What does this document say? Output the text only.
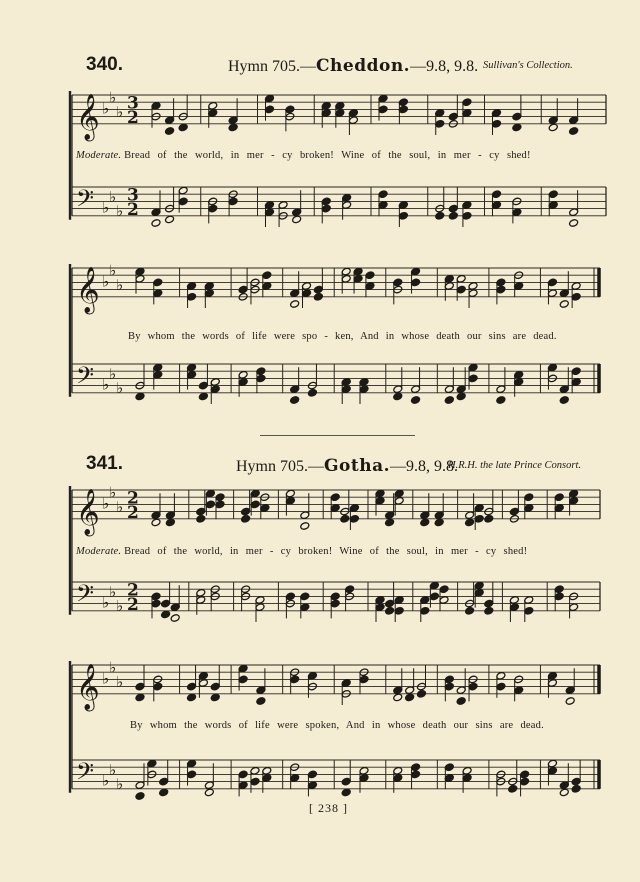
340.	Hymn 705.—Cheddon.—9.8, 9.8. Sullivan's Collection.
𝄞 ♭
♭
♭ 3
2
𝄢 ♭
♭
♭
3
2
𝄞 ♭
♭
♭
𝄢 ♭
♭
♭
Moderate. Bread of the world, in mer - cy broken! Wine of the soul, in mer - cy shed!
By whom the words of life were spo - ken, And in whose death our sins are dead.
341.	Hymn 705.—Gotha.—9.8, 9.8.
H.R.H. the late Prince Consort.
𝄞 ♭
♭
♭ 2
2
𝄢 ♭
♭
♭
2
2
𝄞 ♭
♭
♭
𝄢 ♭
♭
♭
Moderate. Bread of the world, in mer - cy broken! Wine of the soul, in mer - cy shed!
By whom the words of life were spoken, And in whose death our sins are dead.
[ 238 ]
